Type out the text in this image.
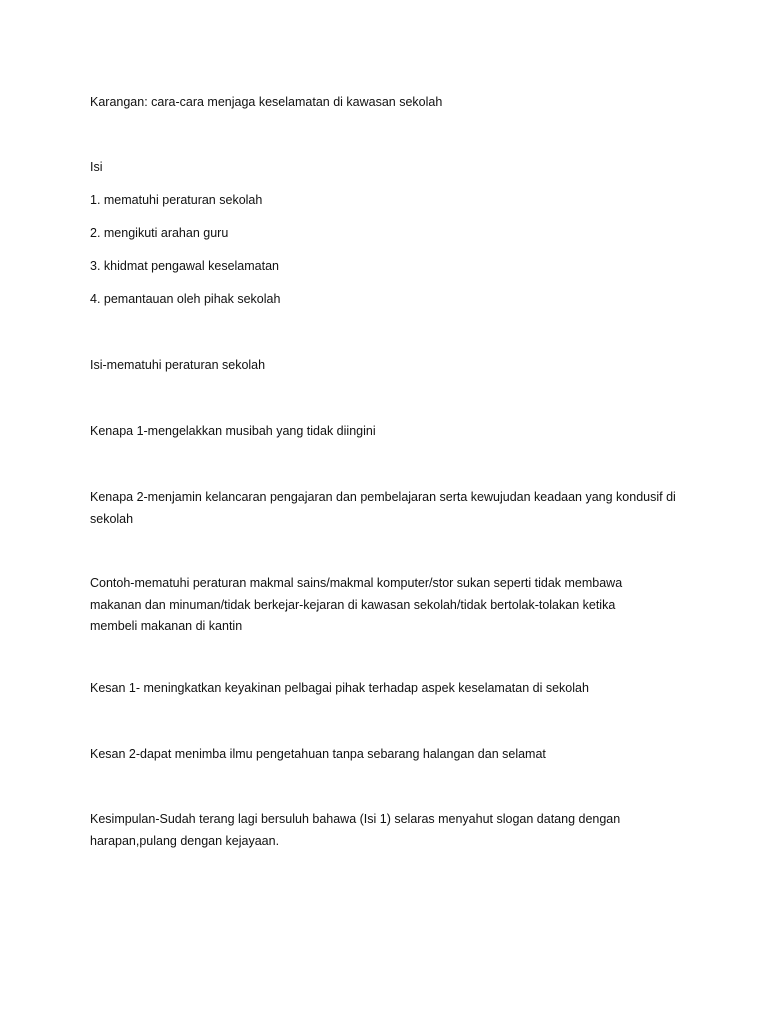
Karangan: cara-cara menjaga keselamatan di kawasan sekolah

Isi

1. mematuhi peraturan sekolah

2. mengikuti arahan guru

3. khidmat pengawal keselamatan

4. pemantauan oleh pihak sekolah

Isi-mematuhi peraturan sekolah

Kenapa 1-mengelakkan musibah yang tidak diingini

Kenapa 2-menjamin kelancaran pengajaran dan pembelajaran serta kewujudan keadaan yang kondusif di sekolah

Contoh-mematuhi peraturan makmal sains/makmal komputer/stor sukan seperti tidak membawa makanan dan minuman/tidak berkejar-kejaran di kawasan sekolah/tidak bertolak-tolakan ketika membeli makanan di kantin

Kesan 1- meningkatkan keyakinan pelbagai pihak terhadap aspek keselamatan di sekolah

Kesan 2-dapat menimba ilmu pengetahuan tanpa sebarang halangan dan selamat

Kesimpulan-Sudah terang lagi bersuluh bahawa (Isi 1) selaras menyahut slogan datang dengan harapan,pulang dengan kejayaan.
